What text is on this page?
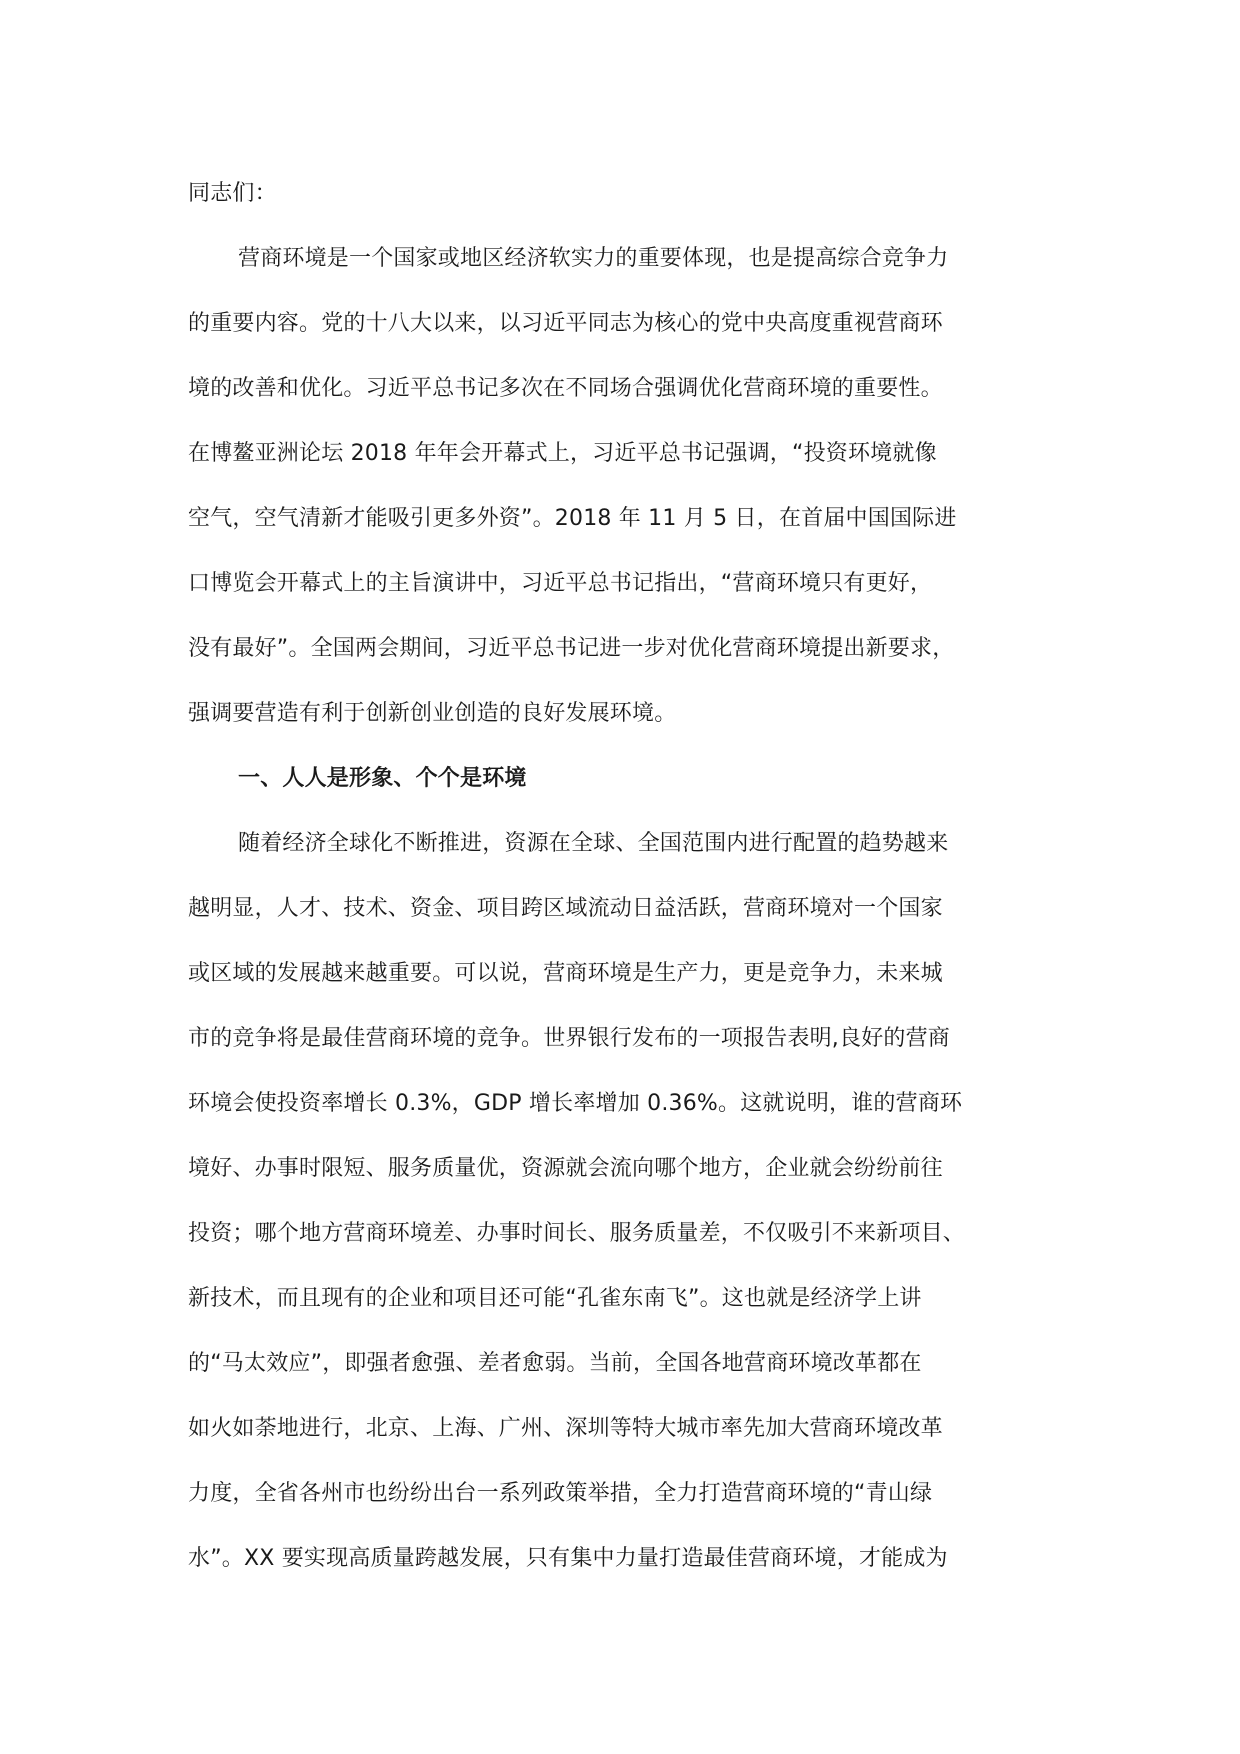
同志们：
营商环境是一个国家或地区经济软实力的重要体现，也是提高综合竞争力
的重要内容。党的十八大以来，以习近平同志为核心的党中央高度重视营商环
境的改善和优化。习近平总书记多次在不同场合强调优化营商环境的重要性。
在博鳌亚洲论坛 2018 年年会开幕式上，习近平总书记强调，“投资环境就像
空气，空气清新才能吸引更多外资”。2018 年 11 月 5 日，在首届中国国际进
口博览会开幕式上的主旨演讲中，习近平总书记指出，“营商环境只有更好，
没有最好”。全国两会期间，习近平总书记进一步对优化营商环境提出新要求，
强调要营造有利于创新创业创造的良好发展环境。
一、人人是形象、个个是环境
随着经济全球化不断推进，资源在全球、全国范围内进行配置的趋势越来
越明显，人才、技术、资金、项目跨区域流动日益活跃，营商环境对一个国家
或区域的发展越来越重要。可以说，营商环境是生产力，更是竞争力，未来城
市的竞争将是最佳营商环境的竞争。世界银行发布的一项报告表明,良好的营商
环境会使投资率增长 0.3%，GDP 增长率增加 0.36%。这就说明，谁的营商环
境好、办事时限短、服务质量优，资源就会流向哪个地方，企业就会纷纷前往
投资；哪个地方营商环境差、办事时间长、服务质量差，不仅吸引不来新项目、
新技术，而且现有的企业和项目还可能“孔雀东南飞”。这也就是经济学上讲
的“马太效应”，即强者愈强、差者愈弱。当前，全国各地营商环境改革都在
如火如荼地进行，北京、上海、广州、深圳等特大城市率先加大营商环境改革
力度，全省各州市也纷纷出台一系列政策举措，全力打造营商环境的“青山绿
水”。XX 要实现高质量跨越发展，只有集中力量打造最佳营商环境，才能成为
